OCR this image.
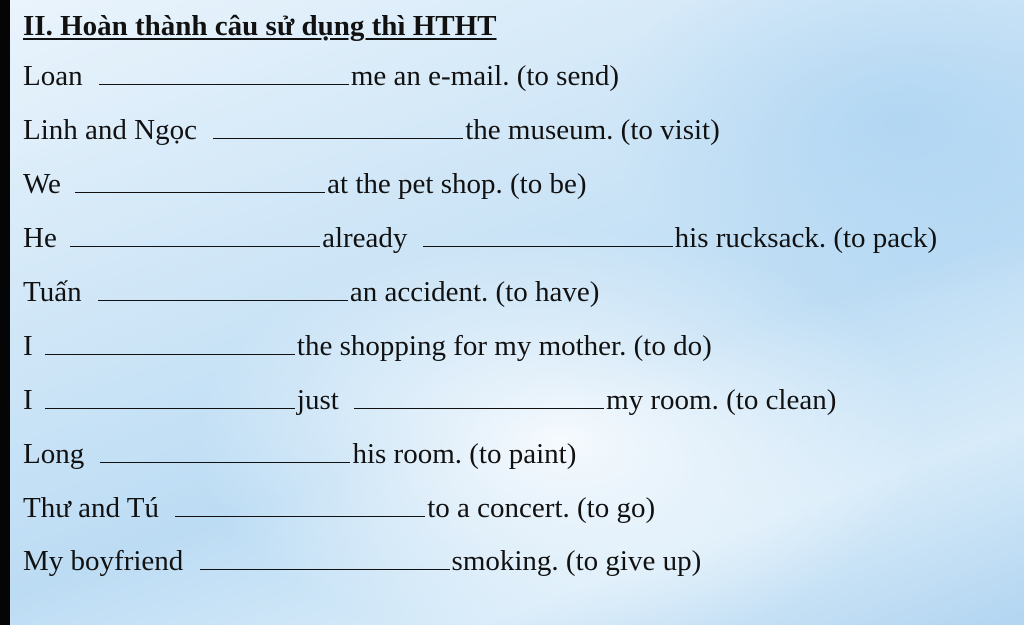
II. Hoàn thành câu sử dụng thì HTHT
Loan	me an e-mail. (to send)
Linh and Ngọc	the museum. (to visit)
We	at the pet shop. (to be)
He	already	his rucksack. (to pack)
Tuấn	an accident. (to have)
I	the shopping for my mother. (to do)
I	just	my room. (to clean)
Long	his room. (to paint)
Thư and Tú	to a concert. (to go)
My boyfriend	smoking. (to give up)
